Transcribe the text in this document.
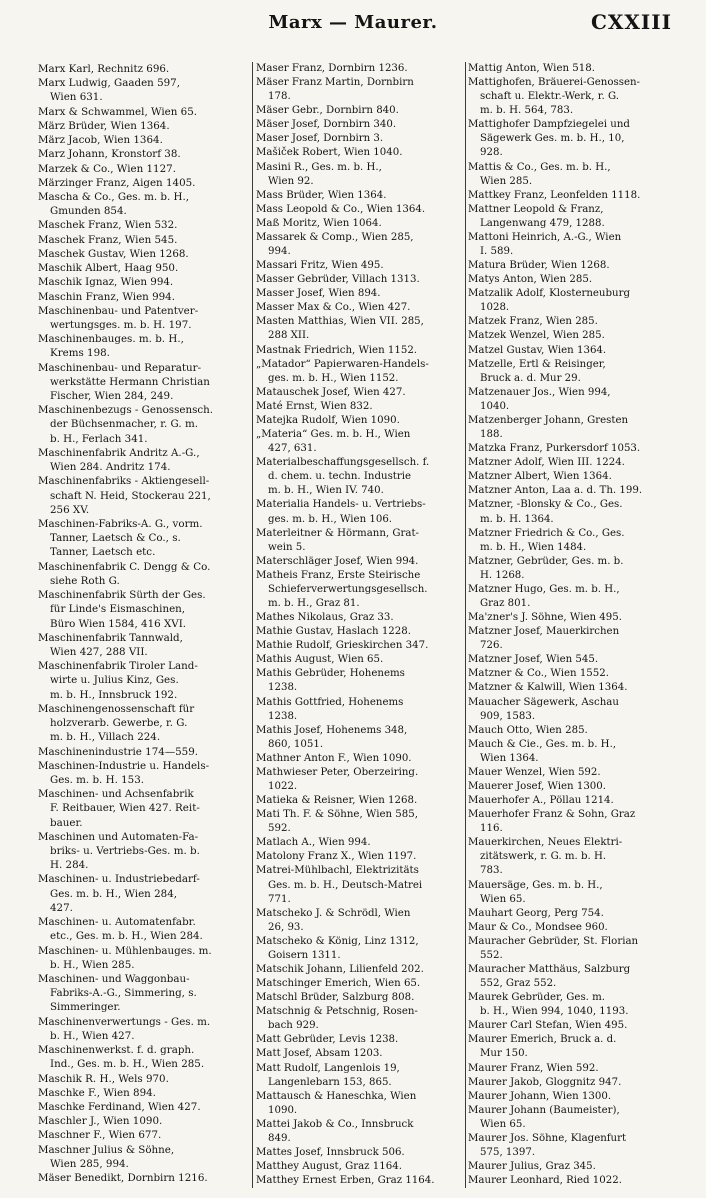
Marx — Maurer.	CXXIII
Marx Karl, Rechnitz 696.
Marx Ludwig, Gaaden 597,
Wien 631.
Marx & Schwammel, Wien 65.
März Brüder, Wien 1364.
März Jacob, Wien 1364.
Marz Johann, Kronstorf 38.
Marzek & Co., Wien 1127.
Märzinger Franz, Aigen 1405.
Mascha & Co., Ges. m. b. H.,
Gmunden 854.
Maschek Franz, Wien 532.
Maschek Franz, Wien 545.
Maschek Gustav, Wien 1268.
Maschik Albert, Haag 950.
Maschik Ignaz, Wien 994.
Maschin Franz, Wien 994.
Maschinenbau- und Patentver-
wertungsges. m. b. H. 197.
Maschinenbauges. m. b. H.,
Krems 198.
Maschinenbau- und Reparatur-
werkstätte Hermann Christian
Fischer, Wien 284, 249.
Maschinenbezugs - Genossensch.
der Büchsenmacher, r. G. m.
b. H., Ferlach 341.
Maschinenfabrik Andritz A.-G.,
Wien 284. Andritz 174.
Maschinenfabriks - Aktiengesell-
schaft N. Heid, Stockerau 221,
256 XV.
Maschinen-Fabriks-A. G., vorm.
Tanner, Laetsch & Co., s.
Tanner, Laetsch etc.
Maschinenfabrik C. Dengg & Co.
siehe Roth G.
Maschinenfabrik Sürth der Ges.
für Linde's Eismaschinen,
Büro Wien 1584, 416 XVI.
Maschinenfabrik Tannwald,
Wien 427, 288 VII.
Maschinenfabrik Tiroler Land-
wirte u. Julius Kinz, Ges.
m. b. H., Innsbruck 192.
Maschinengenossenschaft für
holzverarb. Gewerbe, r. G.
m. b. H., Villach 224.
Maschinenindustrie 174—559.
Maschinen-Industrie u. Handels-
Ges. m. b. H. 153.
Maschinen- und Achsenfabrik
F. Reitbauer, Wien 427. Reit-
bauer.
Maschinen und Automaten-Fa-
briks- u. Vertriebs-Ges. m. b.
H. 284.
Maschinen- u. Industriebedarf-
Ges. m. b. H., Wien 284,
427.
Maschinen- u. Automatenfabr.
etc., Ges. m. b. H., Wien 284.
Maschinen- u. Mühlenbauges. m.
b. H., Wien 285.
Maschinen- und Waggonbau-
Fabriks-A.-G., Simmering, s.
Simmeringer.
Maschinenverwertungs - Ges. m.
b. H., Wien 427.
Maschinenwerkst. f. d. graph.
Ind., Ges. m. b. H., Wien 285.
Maschik R. H., Wels 970.
Maschke F., Wien 894.
Maschke Ferdinand, Wien 427.
Maschler J., Wien 1090.
Maschner F., Wien 677.
Maschner Julius & Söhne,
Wien 285, 994.
Mäser Benedikt, Dornbirn 1216.
Maser Franz, Dornbirn 1236.
Mäser Franz Martin, Dornbirn
178.
Mäser Gebr., Dornbirn 840.
Mäser Josef, Dornbirn 340.
Maser Josef, Dornbirn 3.
Mašiček Robert, Wien 1040.
Masini R., Ges. m. b. H.,
Wien 92.
Mass Brüder, Wien 1364.
Mass Leopold & Co., Wien 1364.
Maß Moritz, Wien 1064.
Massarek & Comp., Wien 285,
994.
Massari Fritz, Wien 495.
Masser Gebrüder, Villach 1313.
Masser Josef, Wien 894.
Masser Max & Co., Wien 427.
Masten Matthias, Wien VII. 285,
288 XII.
Mastnak Friedrich, Wien 1152.
„Matador“ Papierwaren-Handels-
ges. m. b. H., Wien 1152.
Matauschek Josef, Wien 427.
Maté Ernst, Wien 832.
Matejka Rudolf, Wien 1090.
„Materia“ Ges. m. b. H., Wien
427, 631.
Materialbeschaffungsgesellsch. f.
d. chem. u. techn. Industrie
m. b. H., Wien IV. 740.
Materialia Handels- u. Vertriebs-
ges. m. b. H., Wien 106.
Materleitner & Hörmann, Grat-
wein 5.
Materschläger Josef, Wien 994.
Matheis Franz, Erste Steirische
Schieferverwertungsgesellsch.
m. b. H., Graz 81.
Mathes Nikolaus, Graz 33.
Mathie Gustav, Haslach 1228.
Mathie Rudolf, Grieskirchen 347.
Mathis August, Wien 65.
Mathis Gebrüder, Hohenems
1238.
Mathis Gottfried, Hohenems
1238.
Mathis Josef, Hohenems 348,
860, 1051.
Mathner Anton F., Wien 1090.
Mathwieser Peter, Oberzeiring.
1022.
Matieka & Reisner, Wien 1268.
Mati Th. F. & Söhne, Wien 585,
592.
Matlach A., Wien 994.
Matolony Franz X., Wien 1197.
Matrei-Mühlbachl, Elektrizitäts
Ges. m. b. H., Deutsch-Matrei
771.
Matscheko J. & Schrödl, Wien
26, 93.
Matscheko & König, Linz 1312,
Goisern 1311.
Matschik Johann, Lilienfeld 202.
Matschinger Emerich, Wien 65.
Matschl Brüder, Salzburg 808.
Matschnig & Petschnig, Rosen-
bach 929.
Matt Gebrüder, Levis 1238.
Matt Josef, Absam 1203.
Matt Rudolf, Langenlois 19,
Langenlebarn 153, 865.
Mattausch & Haneschka, Wien
1090.
Mattei Jakob & Co., Innsbruck
849.
Mattes Josef, Innsbruck 506.
Matthey August, Graz 1164.
Matthey Ernest Erben, Graz 1164.
Mattig Anton, Wien 518.
Mattighofen, Bräuerei-Genossen-
schaft u. Elektr.-Werk, r. G.
m. b. H. 564, 783.
Mattighofer Dampfziegelei und
Sägewerk Ges. m. b. H., 10,
928.
Mattis & Co., Ges. m. b. H.,
Wien 285.
Mattkey Franz, Leonfelden 1118.
Mattner Leopold & Franz,
Langenwang 479, 1288.
Mattoni Heinrich, A.-G., Wien
I. 589.
Matura Brüder, Wien 1268.
Matys Anton, Wien 285.
Matzalik Adolf, Klosterneuburg
1028.
Matzek Franz, Wien 285.
Matzek Wenzel, Wien 285.
Matzel Gustav, Wien 1364.
Matzelle, Ertl & Reisinger,
Bruck a. d. Mur 29.
Matzenauer Jos., Wien 994,
1040.
Matzenberger Johann, Gresten
188.
Matzka Franz, Purkersdorf 1053.
Matzner Adolf, Wien III. 1224.
Matzner Albert, Wien 1364.
Matzner Anton, Laa a. d. Th. 199.
Matzner, -Blonsky & Co., Ges.
m. b. H. 1364.
Matzner Friedrich & Co., Ges.
m. b. H., Wien 1484.
Matzner, Gebrüder, Ges. m. b.
H. 1268.
Matzner Hugo, Ges. m. b. H.,
Graz 801.
Ma'zner's J. Söhne, Wien 495.
Matzner Josef, Mauerkirchen
726.
Matzner Josef, Wien 545.
Matzner & Co., Wien 1552.
Matzner & Kalwill, Wien 1364.
Mauacher Sägewerk, Aschau
909, 1583.
Mauch Otto, Wien 285.
Mauch & Cie., Ges. m. b. H.,
Wien 1364.
Mauer Wenzel, Wien 592.
Mauerer Josef, Wien 1300.
Mauerhofer A., Pöllau 1214.
Mauerhofer Franz & Sohn, Graz
116.
Mauerkirchen, Neues Elektri-
zitätswerk, r. G. m. b. H.
783.
Mauersäge, Ges. m. b. H.,
Wien 65.
Mauhart Georg, Perg 754.
Maur & Co., Mondsee 960.
Mauracher Gebrüder, St. Florian
552.
Mauracher Matthäus, Salzburg
552, Graz 552.
Maurek Gebrüder, Ges. m.
b. H., Wien 994, 1040, 1193.
Maurer Carl Stefan, Wien 495.
Maurer Emerich, Bruck a. d.
Mur 150.
Maurer Franz, Wien 592.
Maurer Jakob, Gloggnitz 947.
Maurer Johann, Wien 1300.
Maurer Johann (Baumeister),
Wien 65.
Maurer Jos. Söhne, Klagenfurt
575, 1397.
Maurer Julius, Graz 345.
Maurer Leonhard, Ried 1022.
